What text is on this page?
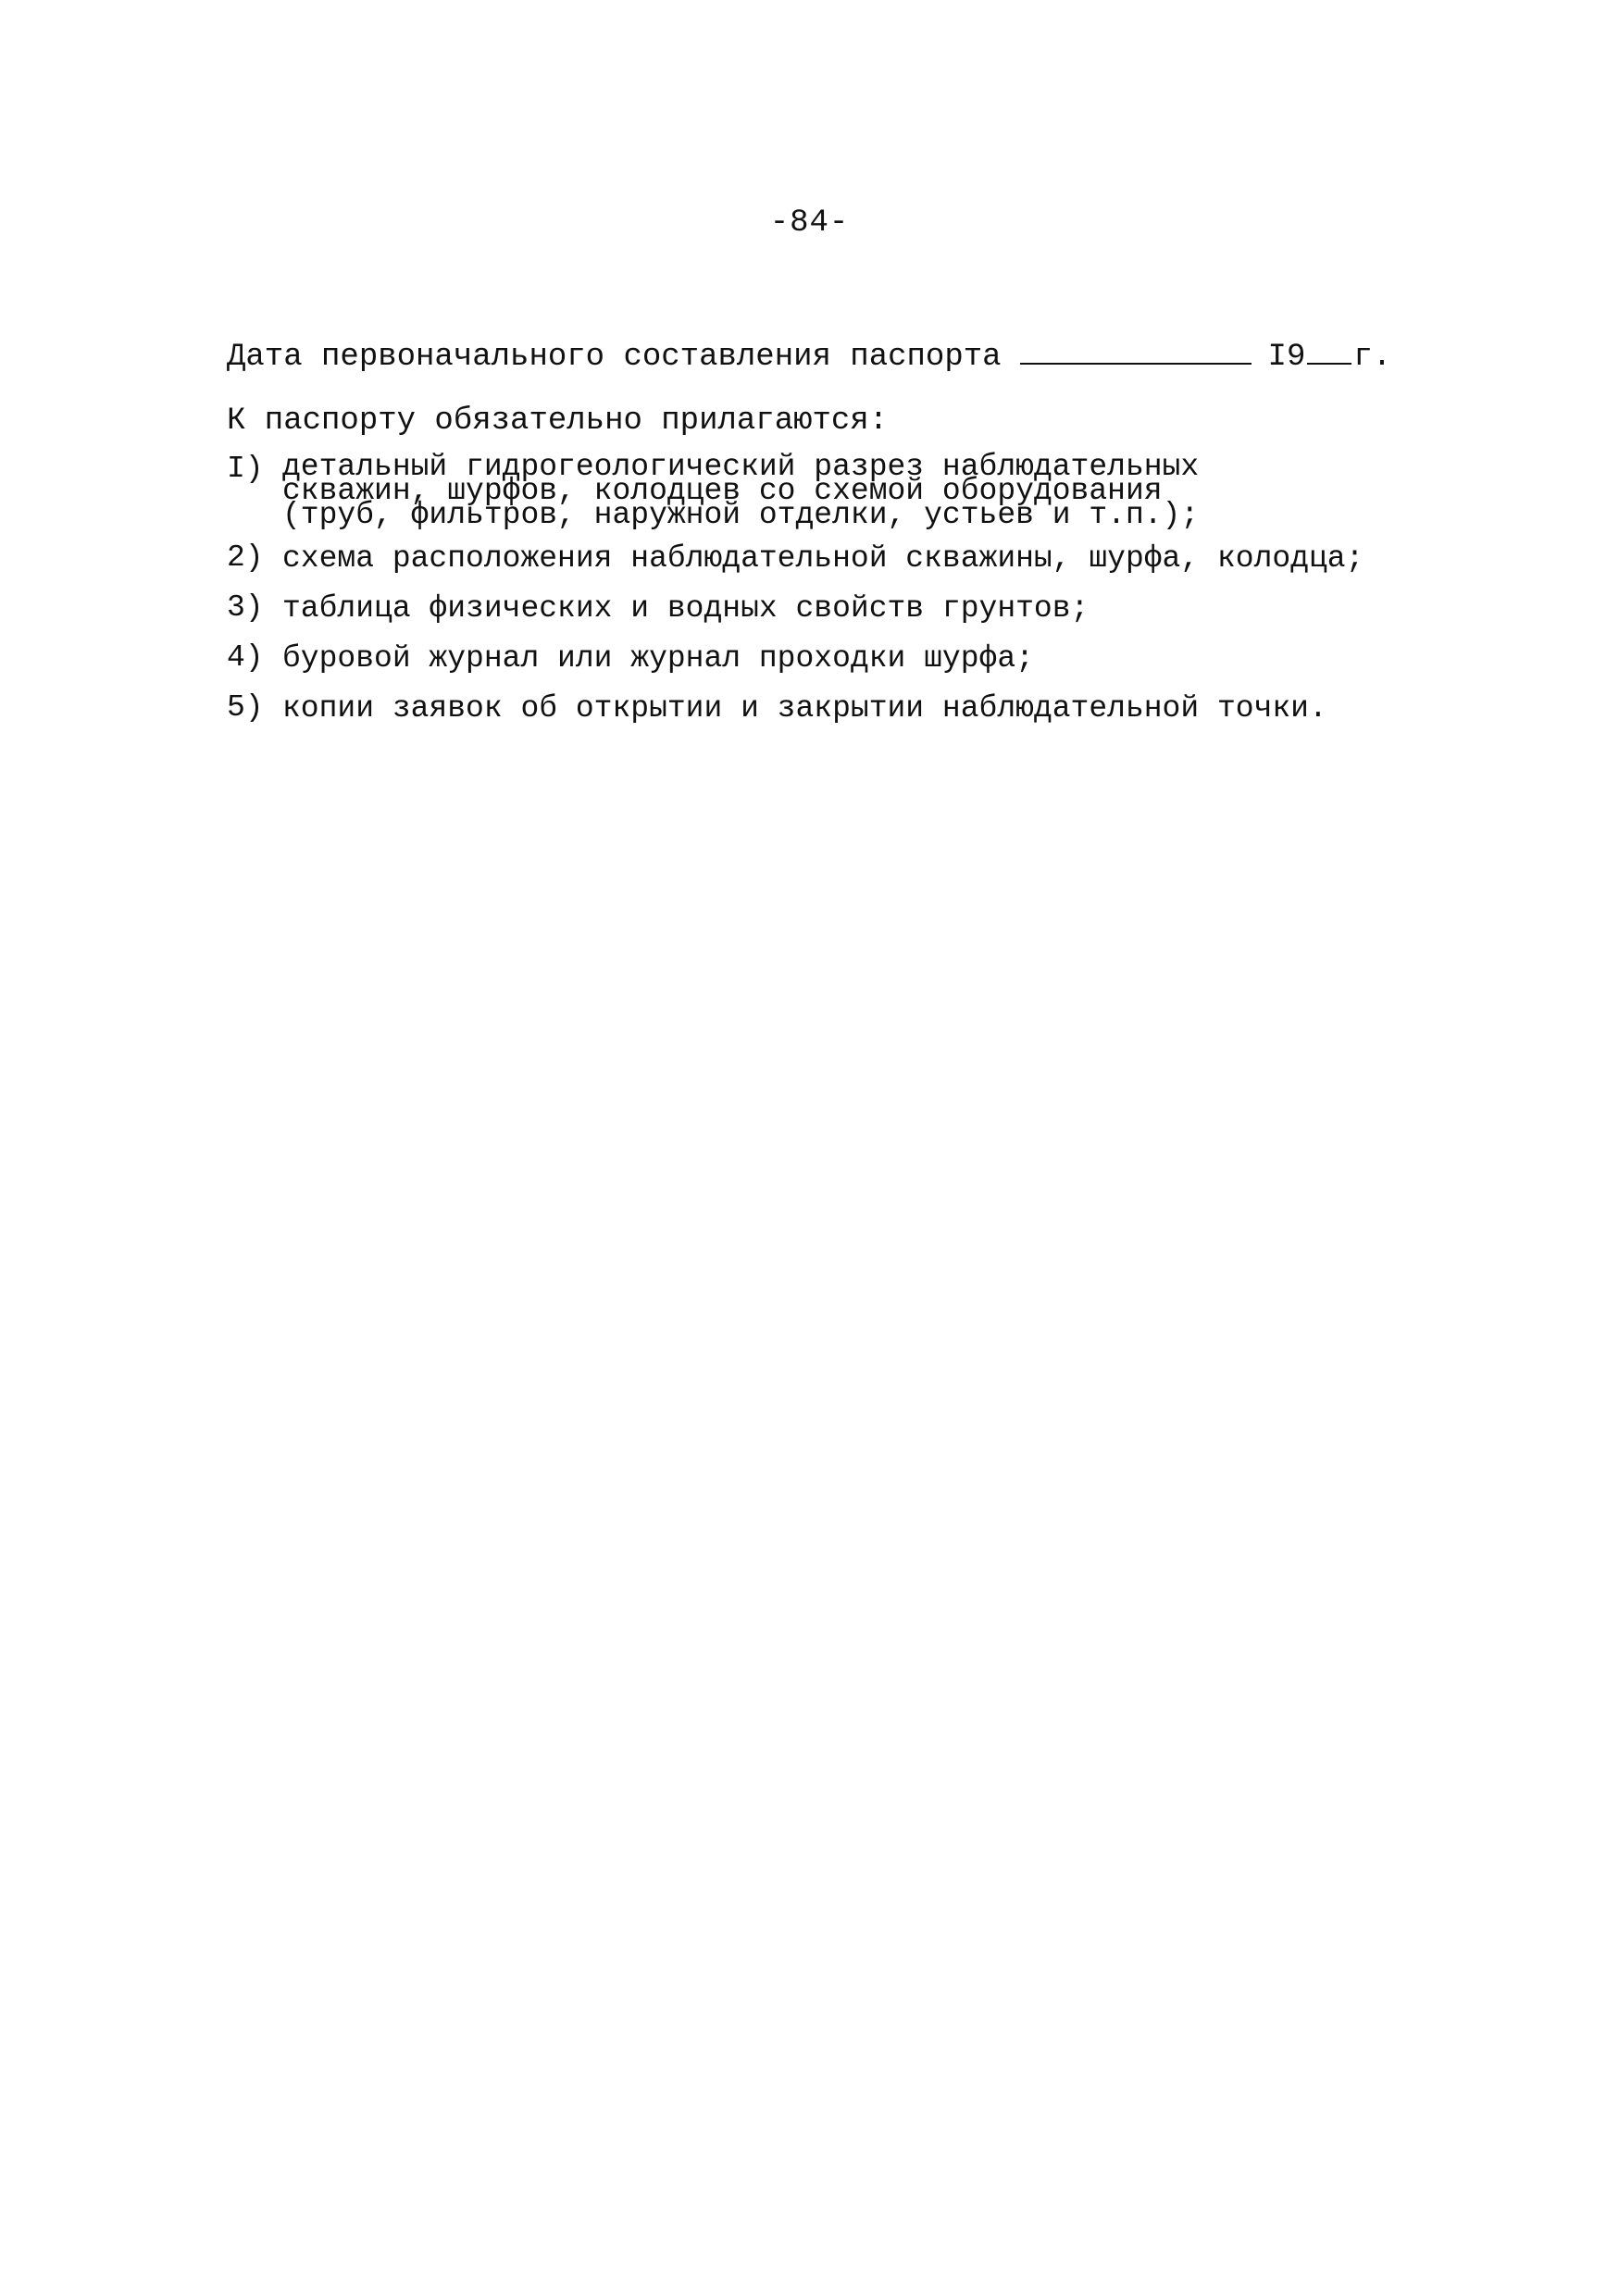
-84-
Дата первоначального составления паспорта	I9 г.
К паспорту обязательно прилагаются:
I) детальный гидрогеологический разрез наблюдательных
скважин, шурфов, колодцев со схемой оборудования
(труб, фильтров, наружной отделки, устьев и т.п.);
2) схема расположения наблюдательной скважины, шурфа, колодца;
3) таблица физических и водных свойств грунтов;
4) буровой журнал или журнал проходки шурфа;
5) копии заявок об открытии и закрытии наблюдательной точки.
